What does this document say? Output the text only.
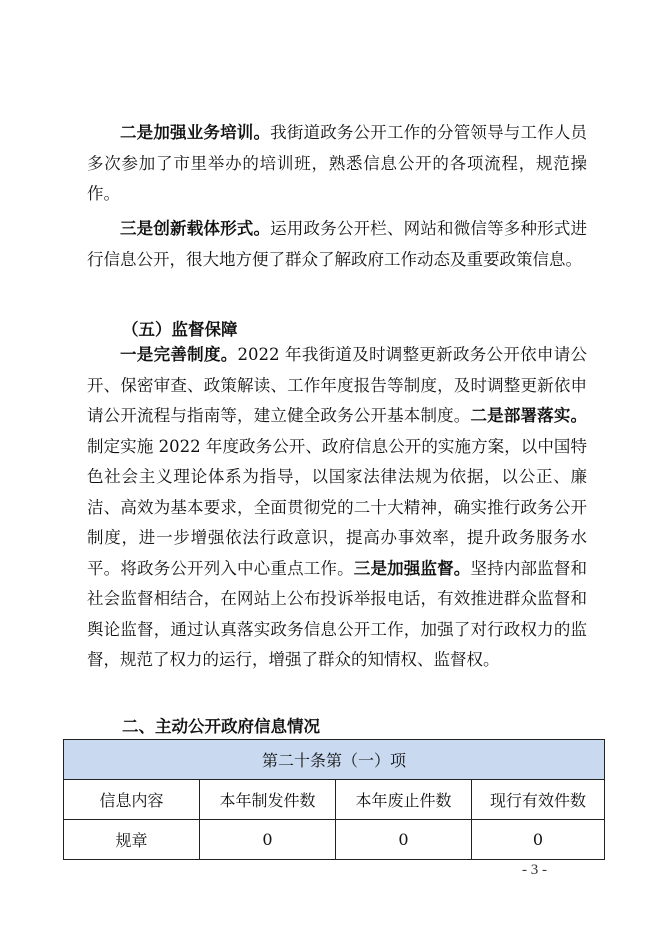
二是加强业务培训。我街道政务公开工作的分管领导与工作人员多次参加了市里举办的培训班，熟悉信息公开的各项流程，规范操作。

三是创新载体形式。运用政务公开栏、网站和微信等多种形式进行信息公开，很大地方便了群众了解政府工作动态及重要政策信息。

（五）监督保障

一是完善制度。2022 年我街道及时调整更新政务公开依申请公开、保密审查、政策解读、工作年度报告等制度，及时调整更新依申请公开流程与指南等，建立健全政务公开基本制度。二是部署落实。制定实施 2022 年度政务公开、政府信息公开的实施方案，以中国特色社会主义理论体系为指导，以国家法律法规为依据，以公正、廉洁、高效为基本要求，全面贯彻党的二十大精神，确实推行政务公开制度，进一步增强依法行政意识，提高办事效率，提升政务服务水平。将政务公开列入中心重点工作。三是加强监督。坚持内部监督和社会监督相结合，在网站上公布投诉举报电话，有效推进群众监督和舆论监督，通过认真落实政务信息公开工作，加强了对行政权力的监督，规范了权力的运行，增强了群众的知情权、监督权。

二、主动公开政府信息情况

第二十条第（一）项			
信息内容	本年制发件数	本年废止件数	现行有效件数
规章	0	0	0
- 3 -
